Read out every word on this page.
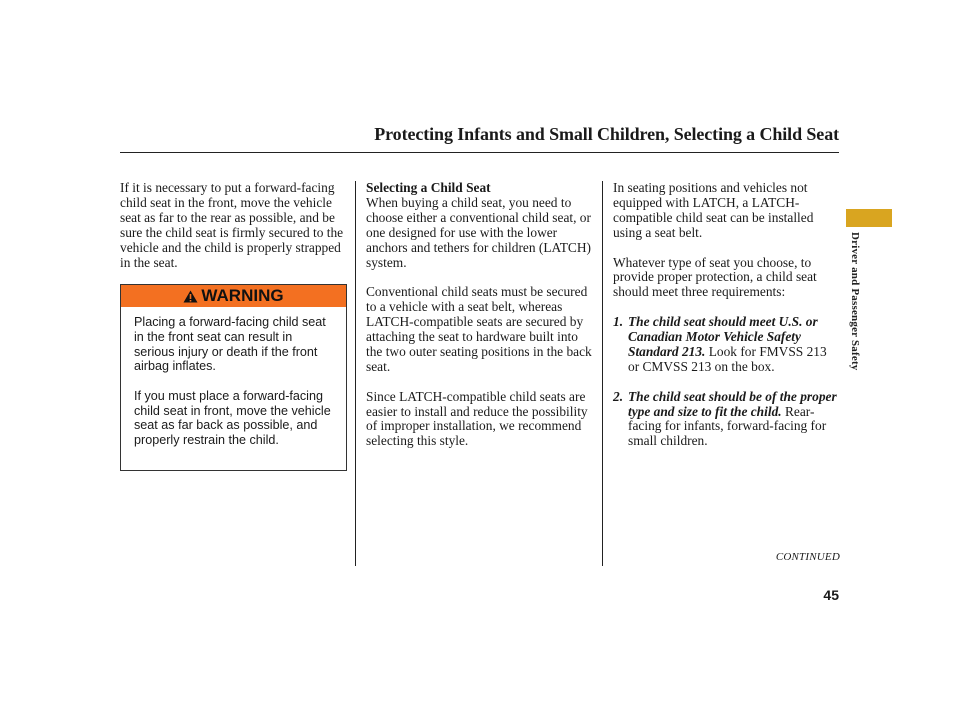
Protecting Infants and Small Children, Selecting a Child Seat

If it is necessary to put a forward-facing child seat in the front, move the vehicle seat as far to the rear as possible, and be sure the child seat is firmly secured to the vehicle and the child is properly strapped in the seat.

WARNING

Placing a forward-facing child seat in the front seat can result in serious injury or death if the front airbag inflates.

If you must place a forward-facing child seat in front, move the vehicle seat as far back as possible, and properly restrain the child.

Selecting a Child Seat
When buying a child seat, you need to choose either a conventional child seat, or one designed for use with the lower anchors and tethers for children (LATCH) system.

Conventional child seats must be secured to a vehicle with a seat belt, whereas LATCH-compatible seats are secured by attaching the seat to hardware built into the two outer seating positions in the back seat.

Since LATCH-compatible child seats are easier to install and reduce the possibility of improper installation, we recommend selecting this style.

In seating positions and vehicles not equipped with LATCH, a LATCH-compatible child seat can be installed using a seat belt.

Whatever type of seat you choose, to provide proper protection, a child seat should meet three requirements:

1. The child seat should meet U.S. or Canadian Motor Vehicle Safety Standard 213. Look for FMVSS 213 or CMVSS 213 on the box.
2. The child seat should be of the proper type and size to fit the child. Rear-facing for infants, forward-facing for small children.
Driver and Passenger Safety
CONTINUED
45
